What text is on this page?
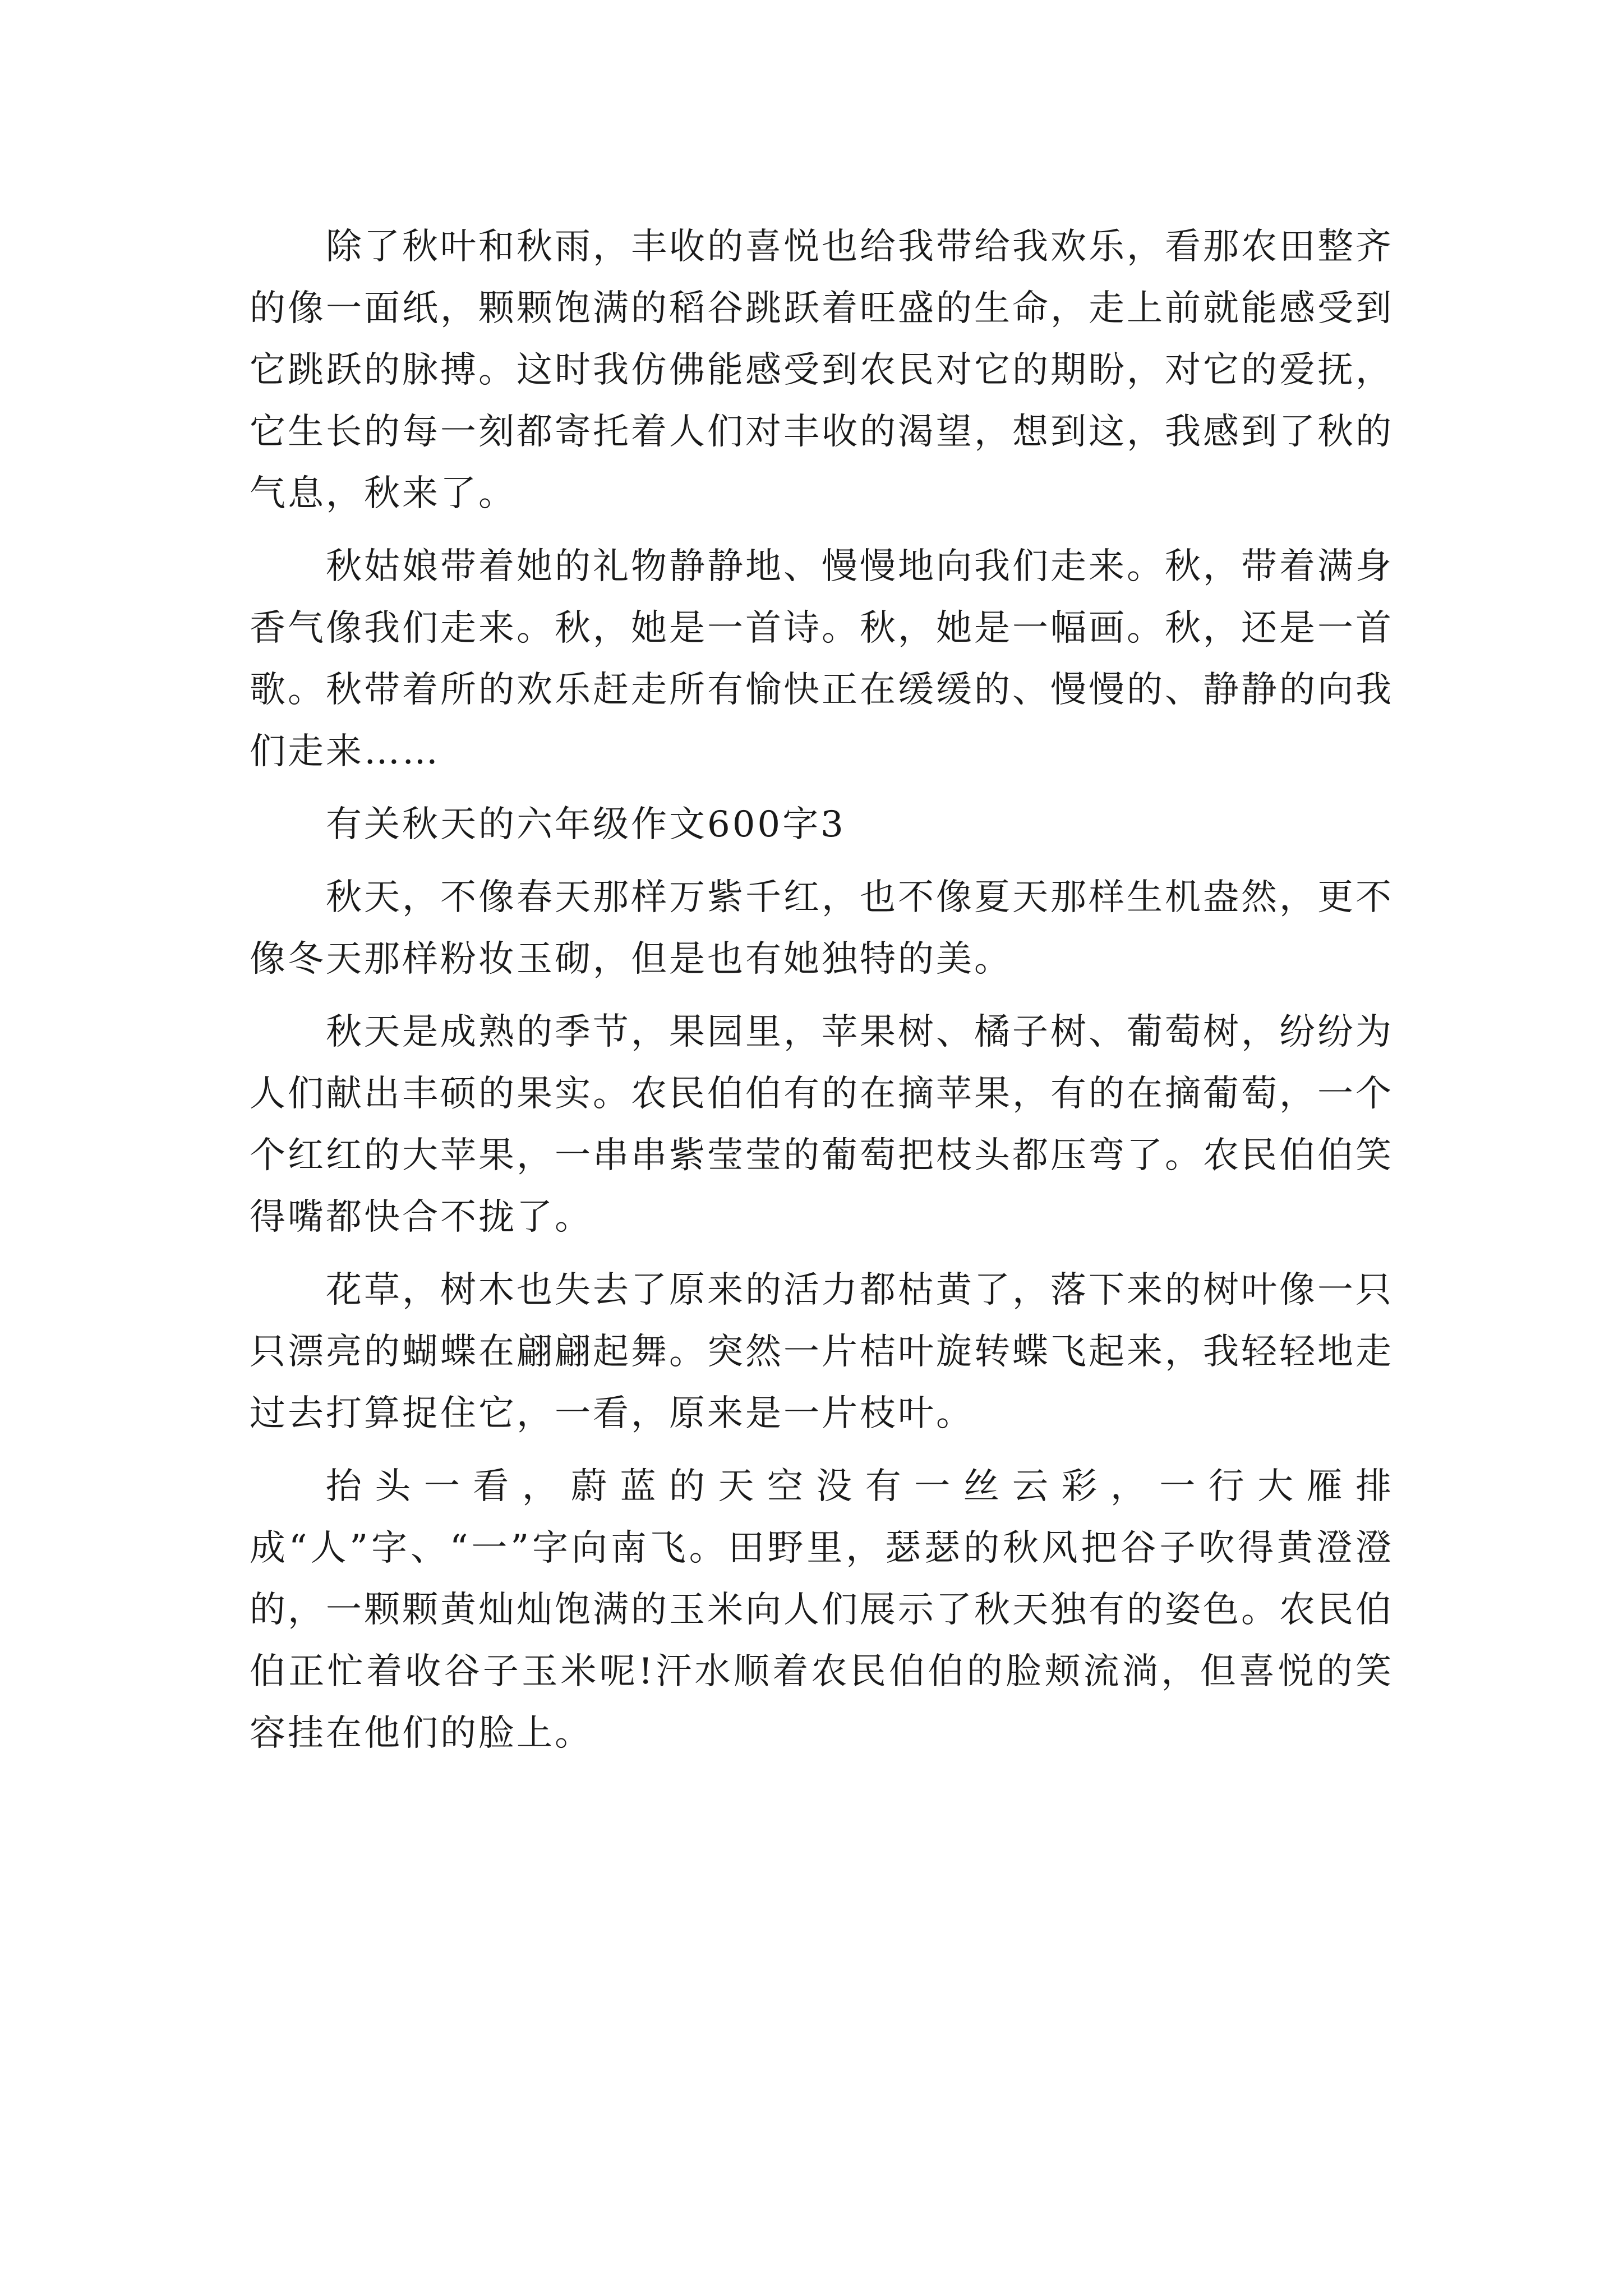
除了秋叶和秋雨，丰收的喜悦也给我带给我欢乐，看那农田整齐的像一面纸，颗颗饱满的稻谷跳跃着旺盛的生命，走上前就能感受到它跳跃的脉搏。这时我仿佛能感受到农民对它的期盼，对它的爱抚，它生长的每一刻都寄托着人们对丰收的渴望，想到这，我感到了秋的气息，秋来了。

秋姑娘带着她的礼物静静地、慢慢地向我们走来。秋，带着满身香气像我们走来。秋，她是一首诗。秋，她是一幅画。秋，还是一首歌。秋带着所的欢乐赶走所有愉快正在缓缓的、慢慢的、静静的向我们走来……

有关秋天的六年级作文600字3

秋天，不像春天那样万紫千红，也不像夏天那样生机盎然，更不像冬天那样粉妆玉砌，但是也有她独特的美。

秋天是成熟的季节，果园里，苹果树、橘子树、葡萄树，纷纷为人们献出丰硕的果实。农民伯伯有的在摘苹果，有的在摘葡萄，一个个红红的大苹果，一串串紫莹莹的葡萄把枝头都压弯了。农民伯伯笑得嘴都快合不拢了。

花草，树木也失去了原来的活力都枯黄了，落下来的树叶像一只只漂亮的蝴蝶在翩翩起舞。突然一片桔叶旋转蝶飞起来，我轻轻地走过去打算捉住它，一看，原来是一片枝叶。

抬头一看，蔚蓝的天空没有一丝云彩，一行大雁排成“人”字、“一”字向南飞。田野里，瑟瑟的秋风把谷子吹得黄澄澄的，一颗颗黄灿灿饱满的玉米向人们展示了秋天独有的姿色。农民伯伯正忙着收谷子玉米呢!汗水顺着农民伯伯的脸颊流淌，但喜悦的笑容挂在他们的脸上。
